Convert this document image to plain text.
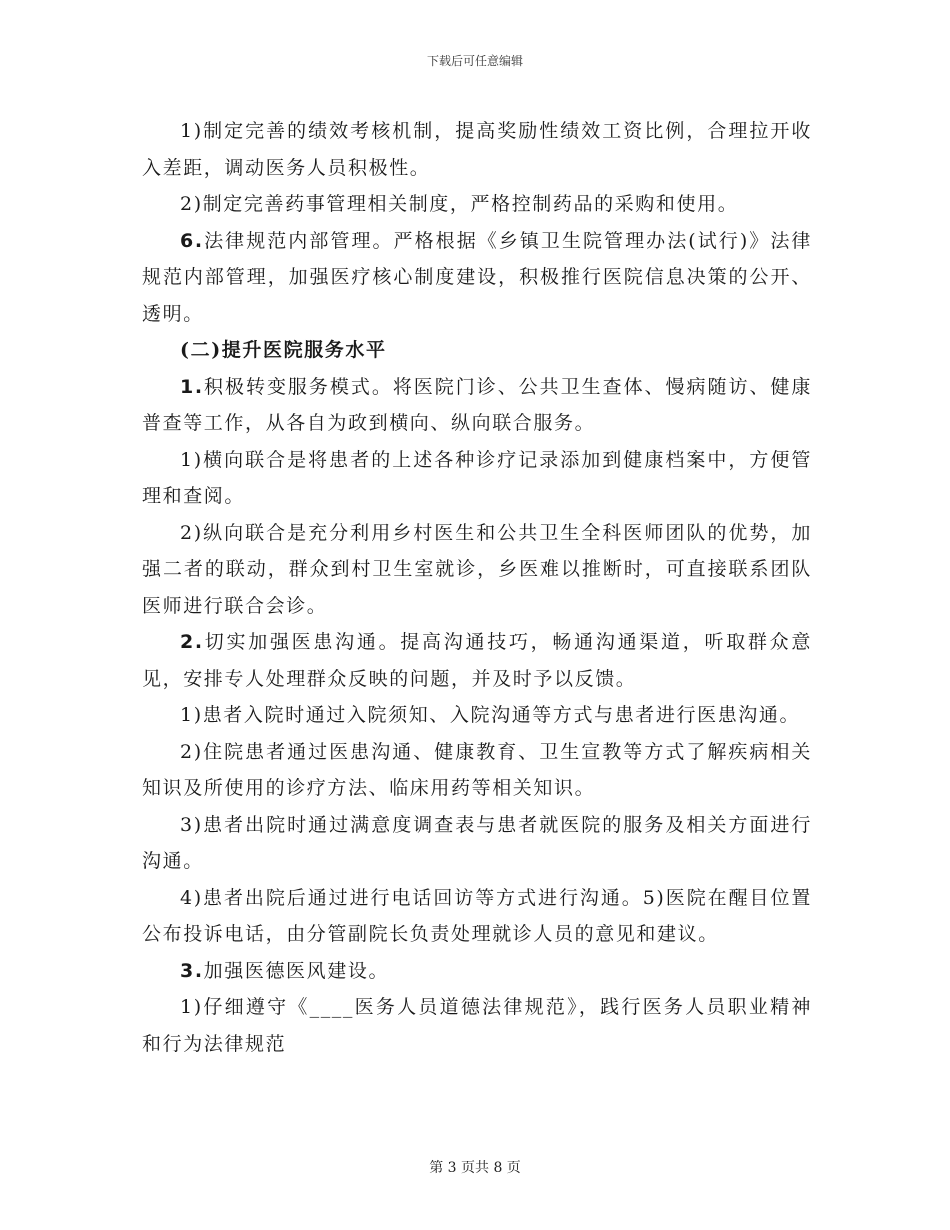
下载后可任意编辑

1)制定完善的绩效考核机制，提高奖励性绩效工资比例，合理拉开收入差距，调动医务人员积极性。

2)制定完善药事管理相关制度，严格控制药品的采购和使用。

6.法律规范内部管理。严格根据《乡镇卫生院管理办法(试行)》法律规范内部管理，加强医疗核心制度建设，积极推行医院信息决策的公开、透明。

(二)提升医院服务水平

1.积极转变服务模式。将医院门诊、公共卫生查体、慢病随访、健康普查等工作，从各自为政到横向、纵向联合服务。

1)横向联合是将患者的上述各种诊疗记录添加到健康档案中，方便管理和查阅。

2)纵向联合是充分利用乡村医生和公共卫生全科医师团队的优势，加强二者的联动，群众到村卫生室就诊，乡医难以推断时，可直接联系团队医师进行联合会诊。

2.切实加强医患沟通。提高沟通技巧，畅通沟通渠道，听取群众意见，安排专人处理群众反映的问题，并及时予以反馈。

1)患者入院时通过入院须知、入院沟通等方式与患者进行医患沟通。

2)住院患者通过医患沟通、健康教育、卫生宣教等方式了解疾病相关知识及所使用的诊疗方法、临床用药等相关知识。

3)患者出院时通过满意度调查表与患者就医院的服务及相关方面进行沟通。

4)患者出院后通过进行电话回访等方式进行沟通。5)医院在醒目位置公布投诉电话，由分管副院长负责处理就诊人员的意见和建议。

3.加强医德医风建设。

1)仔细遵守《____医务人员道德法律规范》，践行医务人员职业精神和行为法律规范

第 3 页共 8 页
